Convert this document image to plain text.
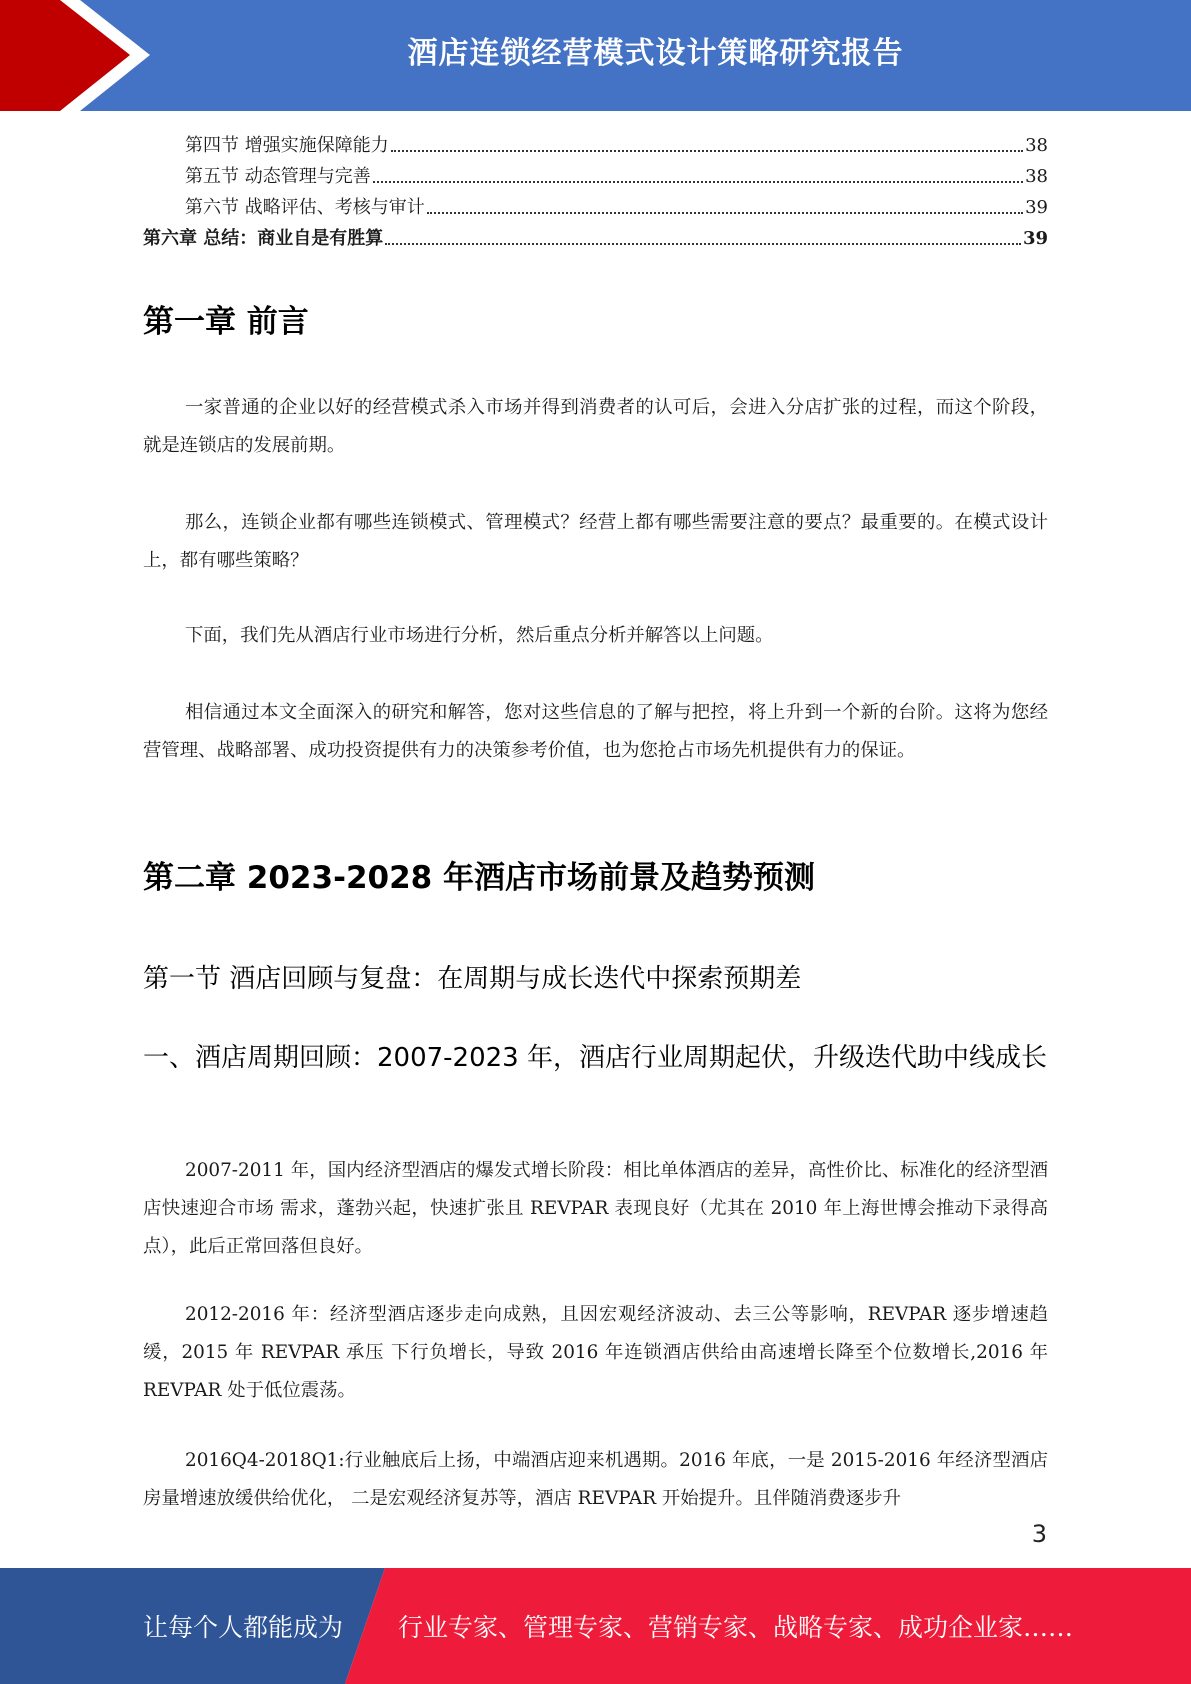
酒店连锁经营模式设计策略研究报告
第四节 增强实施保障能力	38
第五节 动态管理与完善	38
第六节 战略评估、考核与审计	39
第六章 总结：商业自是有胜算	39
第一章 前言

一家普通的企业以好的经营模式杀入市场并得到消费者的认可后，会进入分店扩张的过程，而这个阶段，就是连锁店的发展前期。

那么，连锁企业都有哪些连锁模式、管理模式？经营上都有哪些需要注意的要点？最重要的。在模式设计上，都有哪些策略？

下面，我们先从酒店行业市场进行分析，然后重点分析并解答以上问题。

相信通过本文全面深入的研究和解答，您对这些信息的了解与把控，将上升到一个新的台阶。这将为您经营管理、战略部署、成功投资提供有力的决策参考价值，也为您抢占市场先机提供有力的保证。

第二章 2023-2028 年酒店市场前景及趋势预测
第一节 酒店回顾与复盘：在周期与成长迭代中探索预期差
一、酒店周期回顾：2007-2023 年，酒店行业周期起伏，升级迭代助中线成长

2007-2011 年，国内经济型酒店的爆发式增长阶段：相比单体酒店的差异，高性价比、标准化的经济型酒店快速迎合市场 需求，蓬勃兴起，快速扩张且 REVPAR 表现良好（尤其在 2010 年上海世博会推动下录得高点），此后正常回落但良好。

2012-2016 年：经济型酒店逐步走向成熟，且因宏观经济波动、去三公等影响，REVPAR 逐步增速趋缓，2015 年 REVPAR 承压 下行负增长，导致 2016 年连锁酒店供给由高速增长降至个位数增长,2016 年 REVPAR 处于低位震荡。

2016Q4-2018Q1:行业触底后上扬，中端酒店迎来机遇期。2016 年底，一是 2015-2016 年经济型酒店房量增速放缓供给优化， 二是宏观经济复苏等，酒店 REVPAR 开始提升。且伴随消费逐步升

3
让每个人都能成为 行业专家、管理专家、营销专家、战略专家、成功企业家……
